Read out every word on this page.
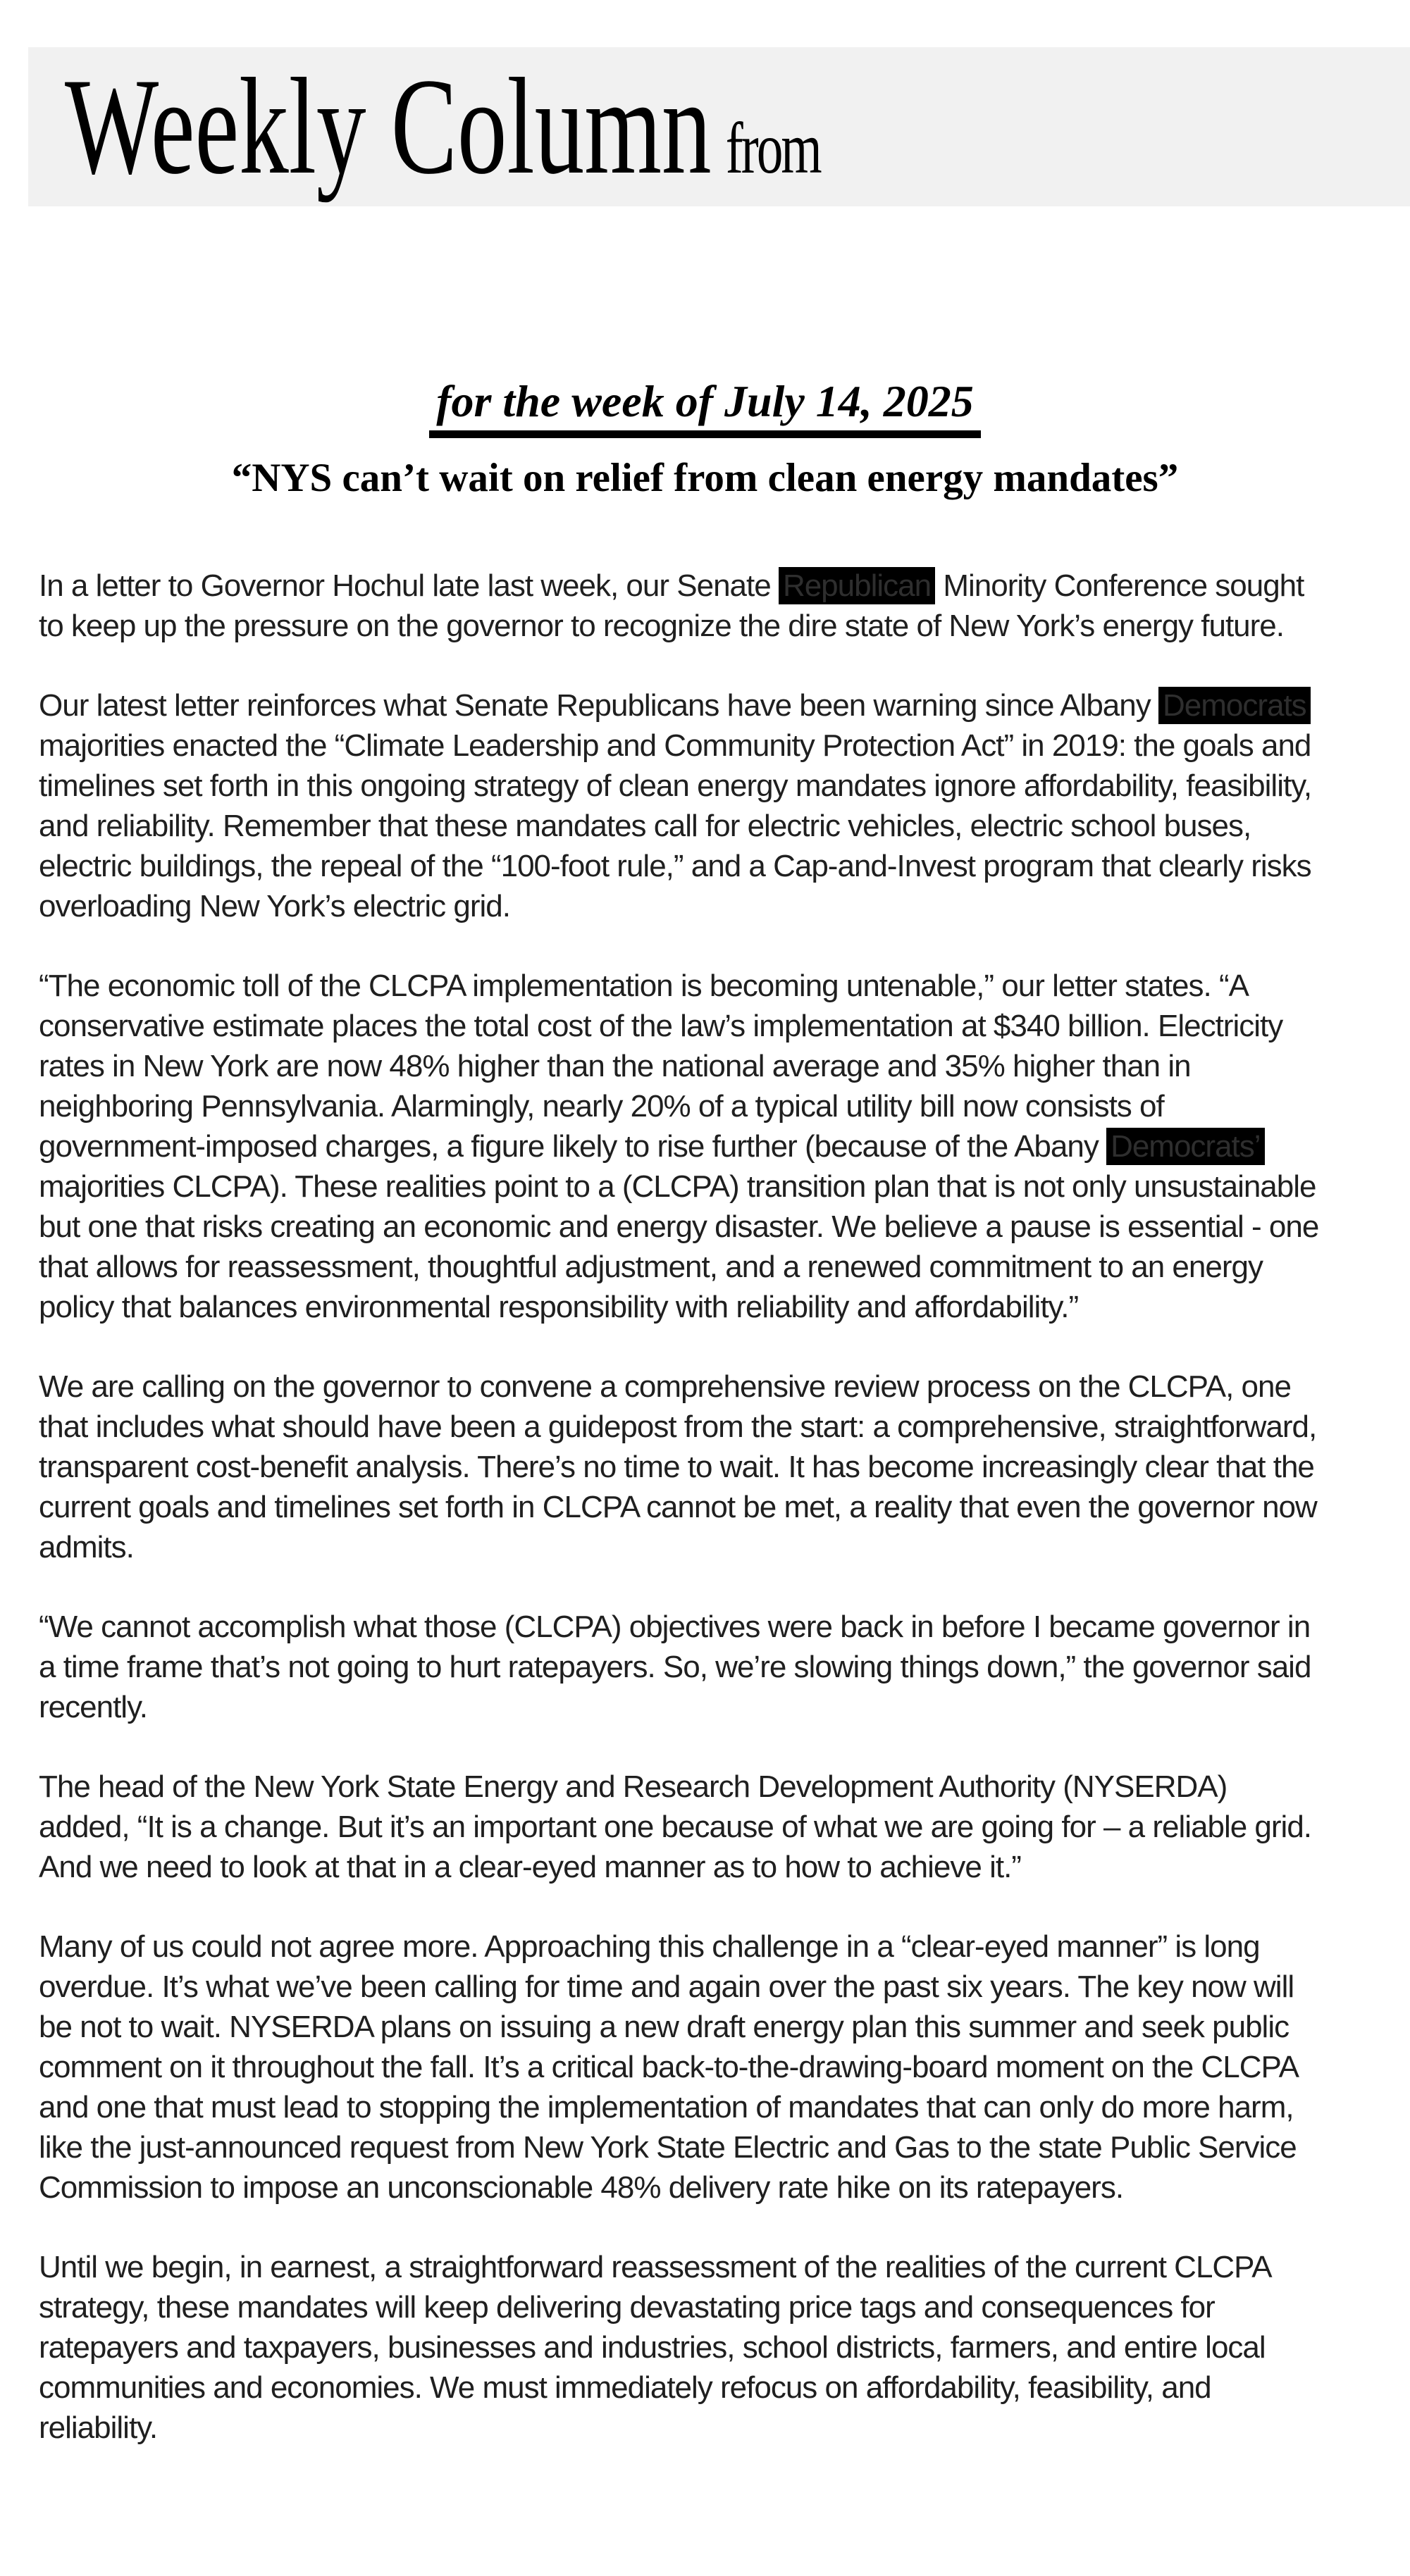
Weekly Column from
for the week of July 14, 2025
“NYS can’t wait on relief from clean energy mandates”

In a letter to Governor Hochul late last week, our Senate Republican Minority Conference sought to keep up the pressure on the governor to recognize the dire state of New York’s energy future.

Our latest letter reinforces what Senate Republicans have been warning since Albany Democrats majorities enacted the “Climate Leadership and Community Protection Act” in 2019: the goals and timelines set forth in this ongoing strategy of clean energy mandates ignore affordability, feasibility, and reliability. Remember that these mandates call for electric vehicles, electric school buses, electric buildings, the repeal of the “100-foot rule,” and a Cap-and-Invest program that clearly risks overloading New York’s electric grid.

“The economic toll of the CLCPA implementation is becoming untenable,” our letter states. “A conservative estimate places the total cost of the law’s implementation at $340 billion. Electricity rates in New York are now 48% higher than the national average and 35% higher than in neighboring Pennsylvania. Alarmingly, nearly 20% of a typical utility bill now consists of government-imposed charges, a figure likely to rise further (because of the Abany Democrats’ majorities CLCPA). These realities point to a (CLCPA) transition plan that is not only unsustainable but one that risks creating an economic and energy disaster. We believe a pause is essential - one that allows for reassessment, thoughtful adjustment, and a renewed commitment to an energy policy that balances environmental responsibility with reliability and affordability.”

We are calling on the governor to convene a comprehensive review process on the CLCPA, one that includes what should have been a guidepost from the start: a comprehensive, straightforward, transparent cost-benefit analysis. There’s no time to wait. It has become increasingly clear that the current goals and timelines set forth in CLCPA cannot be met, a reality that even the governor now admits.

“We cannot accomplish what those (CLCPA) objectives were back in before I became governor in a time frame that’s not going to hurt ratepayers. So, we’re slowing things down,” the governor said recently.

The head of the New York State Energy and Research Development Authority (NYSERDA) added, “It is a change. But it’s an important one because of what we are going for – a reliable grid. And we need to look at that in a clear-eyed manner as to how to achieve it.”

Many of us could not agree more. Approaching this challenge in a “clear-eyed manner” is long overdue. It’s what we’ve been calling for time and again over the past six years. The key now will be not to wait. NYSERDA plans on issuing a new draft energy plan this summer and seek public comment on it throughout the fall. It’s a critical back-to-the-drawing-board moment on the CLCPA and one that must lead to stopping the implementation of mandates that can only do more harm, like the just-announced request from New York State Electric and Gas to the state Public Service Commission to impose an unconscionable 48% delivery rate hike on its ratepayers.

Until we begin, in earnest, a straightforward reassessment of the realities of the current CLCPA strategy, these mandates will keep delivering devastating price tags and consequences for ratepayers and taxpayers, businesses and industries, school districts, farmers, and entire local communities and economies. We must immediately refocus on affordability, feasibility, and reliability.
